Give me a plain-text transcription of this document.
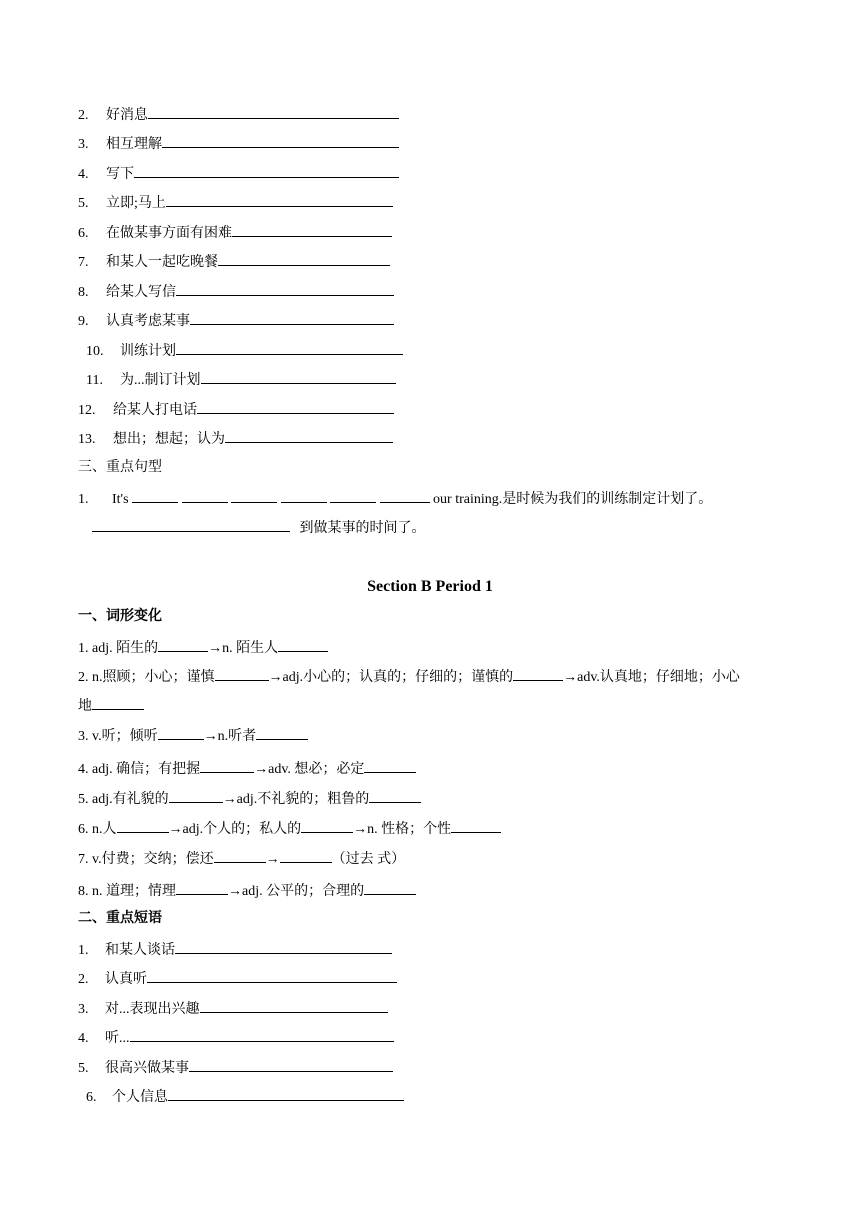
2. 好消息
3. 相互理解
4. 写下
5. 立即;马上
6. 在做某事方面有困难
7. 和某人一起吃晚餐
8. 给某人写信
9. 认真考虑某事
10. 训练计划
11. 为...制订计划
12. 给某人打电话
13. 想出；想起；认为
三、重点句型
1. It's	our training.是时候为我们的训练制定计划了。
到做某事的时间了。
Section B Period 1
一、词形变化
1. adj. 陌生的	→n. 陌生人
2. n.照顾；小心；谨慎	→adj.小心的；认真的；仔细的；谨慎的	→adv.认真地；仔细地；小心
地
3. v.听；倾听	→n.听者
4. adj. 确信；有把握	→adv. 想必；必定
5. adj.有礼貌的	→adj.不礼貌的；粗鲁的
6. n.人	→adj.个人的；私人的	→n. 性格；个性
7. v.付费；交纳；偿还	→	（过去 式）
8. n. 道理；情理	→adj. 公平的；合理的
二、重点短语
1. 和某人谈话
2. 认真听
3. 对...表现出兴趣
4. 听...
5. 很高兴做某事
6. 个人信息
